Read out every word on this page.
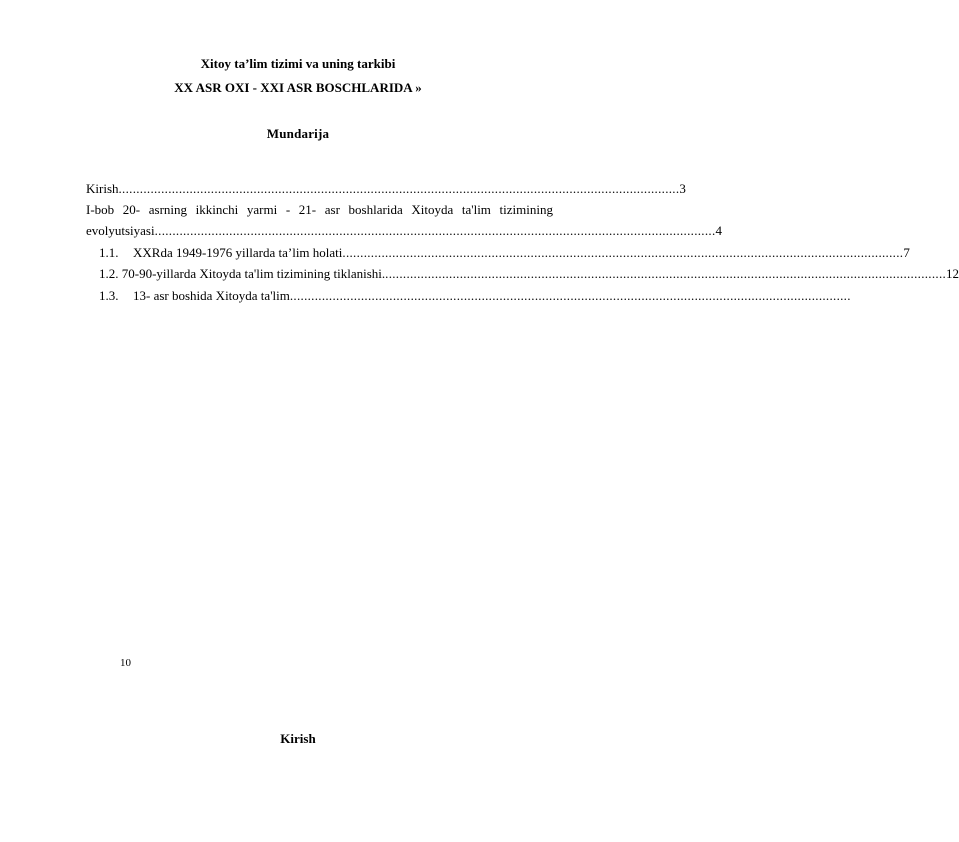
Xitoy ta’lim tizimi va uning tarkibi
XX ASR OXI - XXI ASR BOSCHLARIDA »
Mundarija
Kirish .............................................................................................................................................................. 3
I-bob 20- asrning ikkinchi yarmi - 21- asr boshlarida Xitoyda ta'lim tizimining
evolyutsiyasi .............................................................................................................................................................. 4
1.1.	XXRda 1949-1976 yillarda ta’lim holati .............................................................................................................................................................. 7
1.2. 70-90-yillarda Xitoyda ta'lim tizimining tiklanishi. .............................................................................................................................................................. 12
1.3.	13- asr boshida Xitoyda ta'lim ..............................................................................................................................................................
10
Kirish
